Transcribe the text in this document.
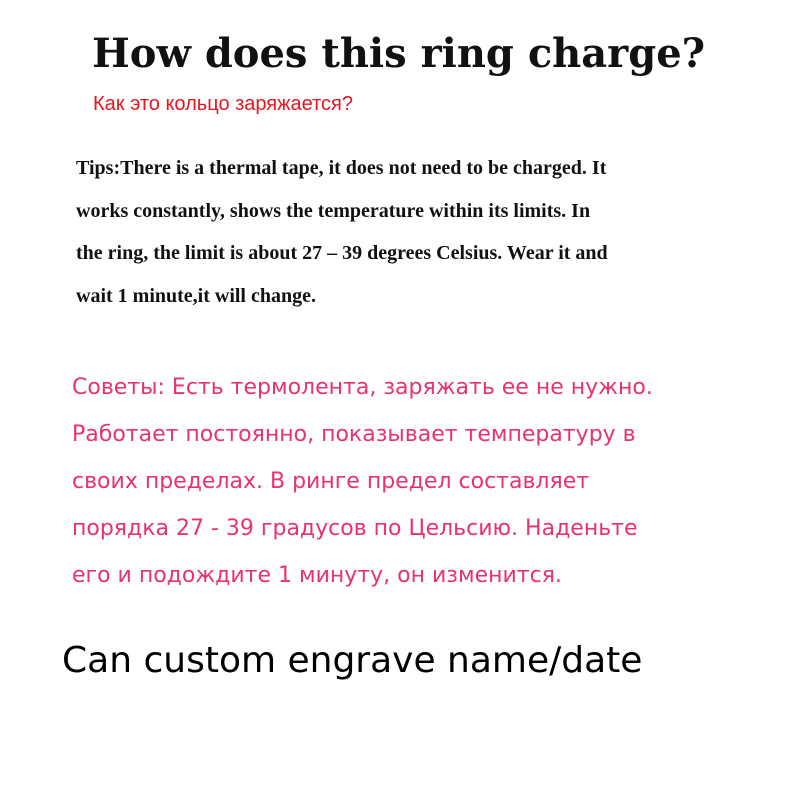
How does this ring charge?
Как это кольцо заряжается?
Tips:There is a thermal tape, it does not need to be charged. It
works constantly, shows the temperature within its limits. In
the ring, the limit is about 27 – 39 degrees Celsius. Wear it and
wait 1 minute,it will change.
Советы: Есть термолента, заряжать ее не нужно.
Работает постоянно, показывает температуру в
своих пределах. В ринге предел составляет
порядка 27 - 39 градусов по Цельсию. Наденьте
его и подождите 1 минуту, он изменится.
Can custom engrave name/date
